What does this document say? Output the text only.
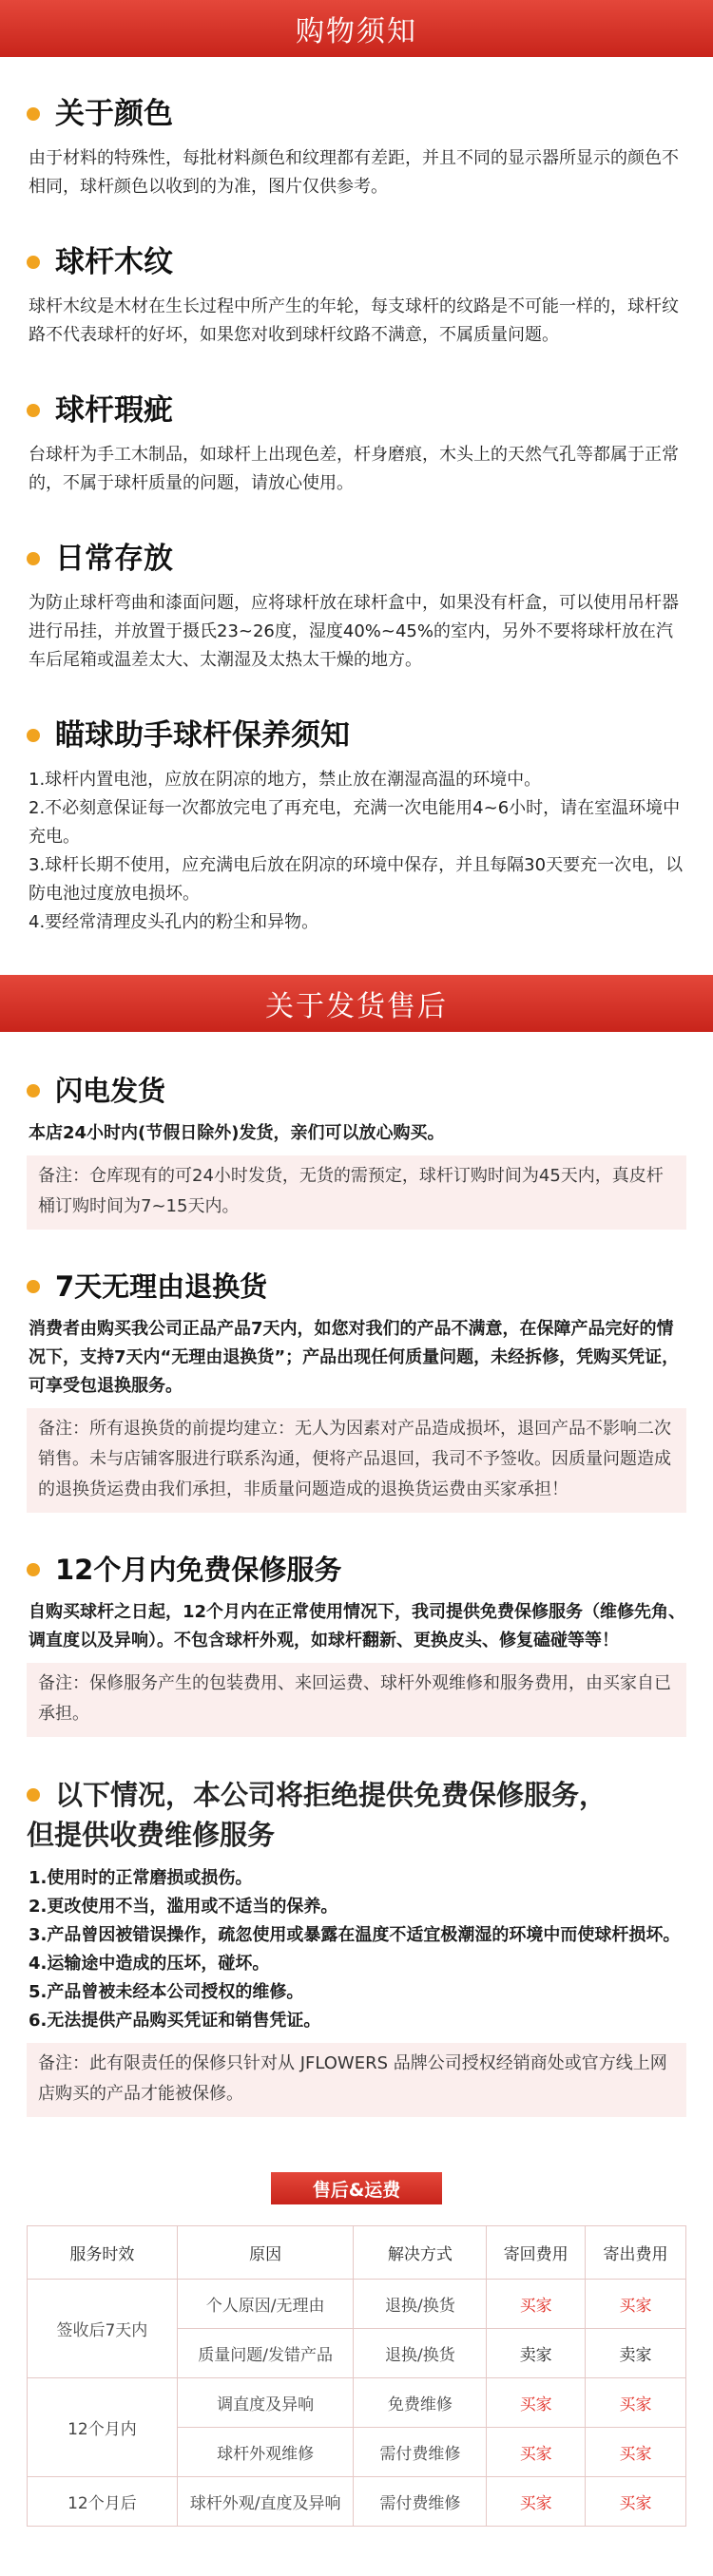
购物须知
关于颜色

由于材料的特殊性，每批材料颜色和纹理都有差距，并且不同的显示器所显示的颜色不相同，球杆颜色以收到的为准，图片仅供参考。

球杆木纹

球杆木纹是木材在生长过程中所产生的年轮，每支球杆的纹路是不可能一样的，球杆纹路不代表球杆的好坏，如果您对收到球杆纹路不满意，不属质量问题。

球杆瑕疵

台球杆为手工木制品，如球杆上出现色差，杆身磨痕，木头上的天然气孔等都属于正常的，不属于球杆质量的问题，请放心使用。

日常存放

为防止球杆弯曲和漆面问题，应将球杆放在球杆盒中，如果没有杆盒，可以使用吊杆器进行吊挂，并放置于摄氏23~26度，湿度40%~45%的室内，另外不要将球杆放在汽车后尾箱或温差太大、太潮湿及太热太干燥的地方。

瞄球助手球杆保养须知

1.球杆内置电池，应放在阴凉的地方，禁止放在潮湿高温的环境中。

2.不必刻意保证每一次都放完电了再充电，充满一次电能用4~6小时，请在室温环境中充电。

3.球杆长期不使用，应充满电后放在阴凉的环境中保存，并且每隔30天要充一次电，以防电池过度放电损坏。

4.要经常清理皮头孔内的粉尘和异物。

关于发货售后
闪电发货
本店24小时内(节假日除外)发货，亲们可以放心购买。
备注：仓库现有的可24小时发货，无货的需预定，球杆订购时间为45天内，真皮杆桶订购时间为7~15天内。
7天无理由退换货
消费者由购买我公司正品产品7天内，如您对我们的产品不满意，在保障产品完好的情况下，支持7天内“无理由退换货”；产品出现任何质量问题，未经拆修，凭购买凭证，可享受包退换服务。
备注：所有退换货的前提均建立：无人为因素对产品造成损坏，退回产品不影响二次销售。未与店铺客服进行联系沟通，便将产品退回，我司不予签收。因质量问题造成的退换货运费由我们承担，非质量问题造成的退换货运费由买家承担！
12个月内免费保修服务
自购买球杆之日起，12个月内在正常使用情况下，我司提供免费保修服务（维修先角、调直度以及异响）。不包含球杆外观，如球杆翻新、更换皮头、修复磕碰等等！
备注：保修服务产生的包装费用、来回运费、球杆外观维修和服务费用，由买家自已承担。
以下情况，本公司将拒绝提供免费保修服务，
但提供收费维修服务
1.使用时的正常磨损或损伤。
2.更改使用不当，滥用或不适当的保养。
3.产品曾因被错误操作，疏忽使用或暴露在温度不适宜极潮湿的环境中而使球杆损坏。
4.运输途中造成的压坏，碰坏。
5.产品曾被未经本公司授权的维修。
6.无法提供产品购买凭证和销售凭证。
备注：此有限责任的保修只针对从 JFLOWERS 品牌公司授权经销商处或官方线上网店购买的产品才能被保修。
售后&运费
服务时效	原因	解决方式	寄回费用	寄出费用
签收后7天内	个人原因/无理由	退换/换货	买家	买家
	质量问题/发错产品	退换/换货	卖家	卖家
12个月内	调直度及异响	免费维修	买家	买家
	球杆外观维修	需付费维修	买家	买家
12个月后	球杆外观/直度及异响	需付费维修	买家	买家
